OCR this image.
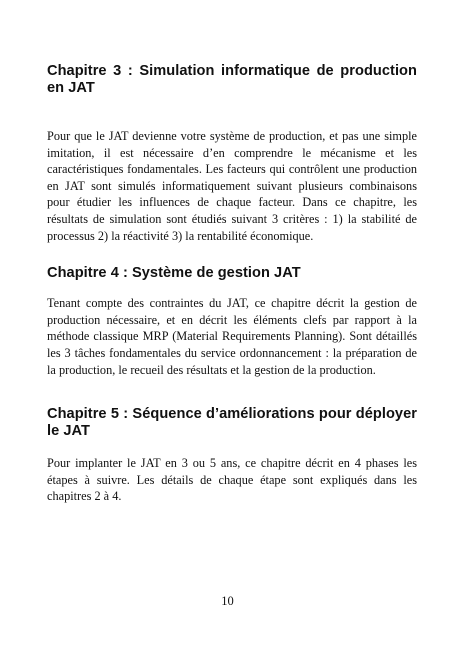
Chapitre 3 : Simulation informatique de production en JAT

Pour que le JAT devienne votre système de production, et pas une simple imitation, il est nécessaire d’en comprendre le mécanisme et les caractéristiques fondamentales. Les facteurs qui contrôlent une production en JAT sont simulés informatiquement suivant plusieurs combinaisons pour étudier les influences de chaque facteur. Dans ce chapitre, les résultats de simulation sont étudiés suivant 3 critères : 1) la stabilité de processus 2) la réactivité 3) la rentabilité économique.

Chapitre 4 : Système de gestion JAT

Tenant compte des contraintes du JAT, ce chapitre décrit la gestion de production nécessaire, et en décrit les éléments clefs par rapport à la méthode classique MRP (Material Requirements Planning). Sont détaillés les 3 tâches fondamentales du service ordonnancement : la préparation de la production, le recueil des résultats et la gestion de la production.

Chapitre 5 : Séquence d’améliorations pour déployer le JAT

Pour implanter le JAT en 3 ou 5 ans, ce chapitre décrit en 4 phases les étapes à suivre. Les détails de chaque étape sont expliqués dans les chapitres 2 à 4.

10
